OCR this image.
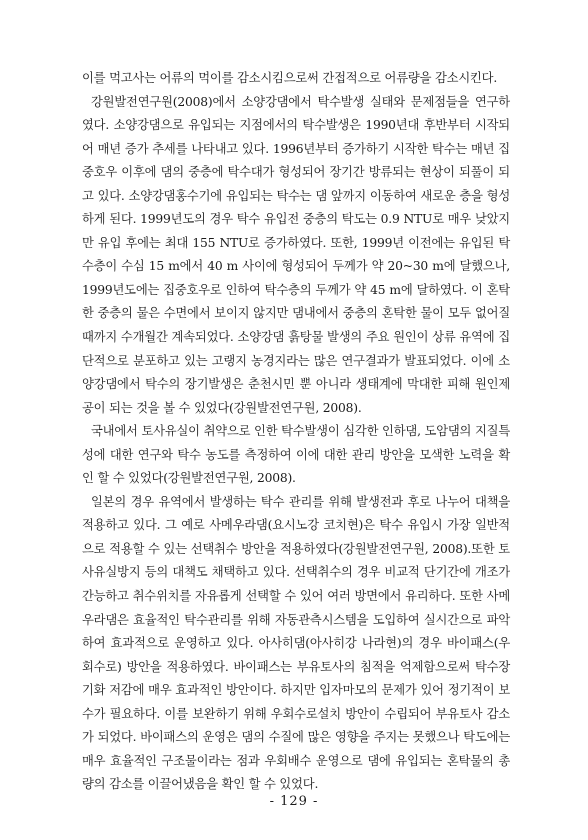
이를 먹고사는 어류의 먹이를 감소시킴으로써 간접적으로 어류량을 감소시킨다.

강원발전연구원(2008)에서 소양강댐에서 탁수발생 실태와 문제점들을 연구하였다. 소양강댐으로 유입되는 지점에서의 탁수발생은 1990년대 후반부터 시작되어 매년 증가 추세를 나타내고 있다. 1996년부터 증가하기 시작한 탁수는 매년 집중호우 이후에 댐의 중층에 탁수대가 형성되어 장기간 방류되는 현상이 되풀이 되고 있다. 소양강댐홍수기에 유입되는 탁수는 댐 앞까지 이동하여 새로운 층을 형성하게 된다. 1999년도의 경우 탁수 유입전 중층의 탁도는 0.9 NTU로 매우 낮았지만 유입 후에는 최대 155 NTU로 증가하였다. 또한, 1999년 이전에는 유입된 탁수층이 수심 15 m에서 40 m 사이에 형성되어 두께가 약 20~30 m에 달했으나, 1999년도에는 집중호우로 인하여 탁수층의 두께가 약 45 m에 달하였다. 이 혼탁한 중층의 물은 수면에서 보이지 않지만 댐내에서 중층의 혼탁한 물이 모두 없어질 때까지 수개월간 계속되었다. 소양강댐 흙탕물 발생의 주요 원인이 상류 유역에 집단적으로 분포하고 있는 고랭지 농경지라는 많은 연구결과가 발표되었다. 이에 소양강댐에서 탁수의 장기발생은 춘천시민 뿐 아니라 생태계에 막대한 피해 원인제공이 되는 것을 볼 수 있었다(강원발전연구원, 2008).

국내에서 토사유실이 취약으로 인한 탁수발생이 심각한 인하댐, 도암댐의 지질특성에 대한 연구와 탁수 농도를 측정하여 이에 대한 관리 방안을 모색한 노력을 확인 할 수 있었다(강원발전연구원, 2008).

일본의 경우 유역에서 발생하는 탁수 관리를 위해 발생전과 후로 나누어 대책을 적용하고 있다. 그 예로 사메우라댐(요시노강 코치현)은 탁수 유입시 가장 일반적으로 적용할 수 있는 선택취수 방안을 적용하였다(강원발전연구원, 2008).또한 토사유실방지 등의 대책도 채택하고 있다. 선택취수의 경우 비교적 단기간에 개조가 간능하고 취수위치를 자유롭게 선택할 수 있어 여러 방면에서 유리하다. 또한 사메우라댐은 효율적인 탁수관리를 위해 자동관측시스템을 도입하여 실시간으로 파악하여 효과적으로 운영하고 있다. 아사히댐(아사히강 나라현)의 경우 바이패스(우회수로) 방안을 적용하였다. 바이패스는 부유토사의 침적을 억제함으로써 탁수장기화 저감에 매우 효과적인 방안이다. 하지만 입자마모의 문제가 있어 정기적이 보수가 필요하다. 이를 보완하기 위해 우회수로설치 방안이 수립되어 부유토사 감소가 되었다. 바이패스의 운영은 댐의 수질에 많은 영향을 주지는 못했으나 탁도에는 매우 효율적인 구조물이라는 점과 우회배수 운영으로 댐에 유입되는 혼탁물의 총량의 감소를 이끌어냈음을 확인 할 수 있었다.

- 129 -
